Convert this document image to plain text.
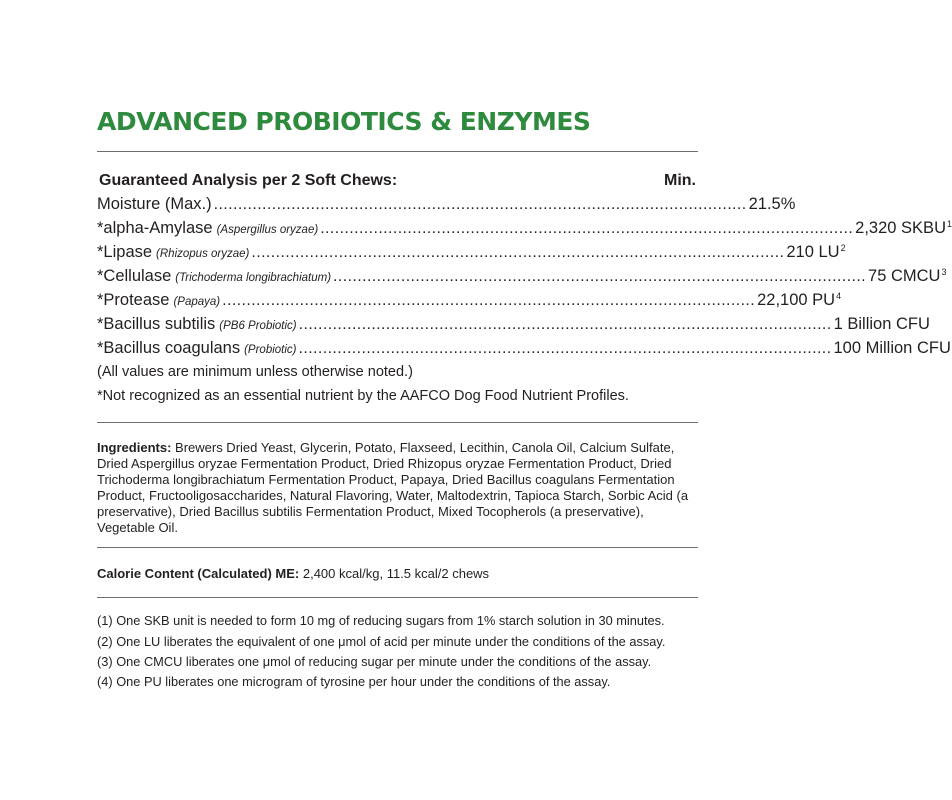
ADVANCED PROBIOTICS & ENZYMES
Guaranteed Analysis per 2 Soft Chews:	Min.
Moisture (Max.) .............................................................................................................. 21.5%
*alpha-Amylase (Aspergillus oryzae) .............................................................................................................. 2,320 SKBU$^1$
*Lipase (Rhizopus oryzae) .............................................................................................................. 210 $LU^2$
*Cellulase (Trichoderma longibrachiatum) .............................................................................................................. 75 CMCU$^3$
*Protease (Papaya) .............................................................................................................. 22,100 $PU^4$
*Bacillus subtilis (PB6 Probiotic) .............................................................................................................. 1 Billion CFU
*Bacillus coagulans (Probiotic) .............................................................................................................. 100 Million CFU
(All values are minimum unless otherwise noted.)
*Not recognized as an essential nutrient by the AAFCO Dog Food Nutrient Profiles.
Ingredients: Brewers Dried Yeast, Glycerin, Potato, Flaxseed, Lecithin, Canola Oil, Calcium Sulfate, Dried Aspergillus oryzae Fermentation Product, Dried Rhizopus oryzae Fermentation Product, Dried Trichoderma longibrachiatum Fermentation Product, Papaya, Dried Bacillus coagulans Fermentation Product, Fructooligosaccharides, Natural Flavoring, Water, Maltodextrin, Tapioca Starch, Sorbic Acid (a preservative), Dried Bacillus subtilis Fermentation Product, Mixed Tocopherols (a preservative), Vegetable Oil.
Calorie Content (Calculated) ME: 2,400 kcal/kg, 11.5 kcal/2 chews
(1) One SKB unit is needed to form 10 mg of reducing sugars from 1% starch solution in 30 minutes.
(2) One LU liberates the equivalent of one μmol of acid per minute under the conditions of the assay.
(3) One CMCU liberates one μmol of reducing sugar per minute under the conditions of the assay.
(4) One PU liberates one microgram of tyrosine per hour under the conditions of the assay.
